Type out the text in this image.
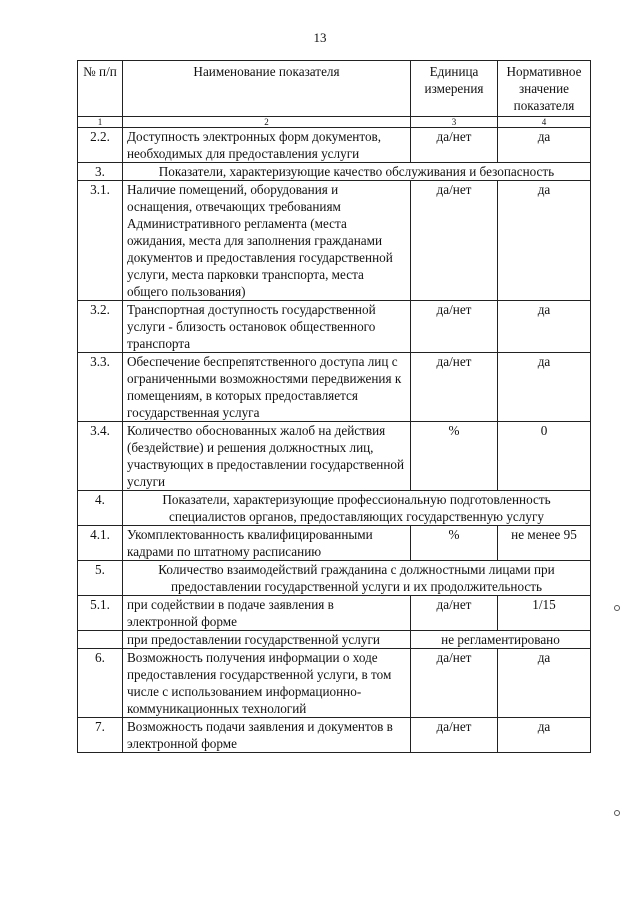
13
№ п/п	Наименование показателя	Единица измерения	Нормативное значение показателя
1	2	3	4
2.2.	Доступность электронных форм документов, необходимых для предоставления услуги	да/нет	да
3.	Показатели, характеризующие качество обслуживания и безопасность		
3.1.	Наличие помещений, оборудования и оснащения, отвечающих требованиям Административного регламента (места ожидания, места для заполнения гражданами документов и предоставления государственной услуги, места парковки транспорта, места общего пользования)	да/нет	да
3.2.	Транспортная доступность государственной услуги - близость остановок общественного транспорта	да/нет	да
3.3.	Обеспечение беспрепятственного доступа лиц с ограниченными возможностями передвижения к помещениям, в которых предоставляется государственная услуга	да/нет	да
3.4.	Количество обоснованных жалоб на действия (бездействие) и решения должностных лиц, участвующих в предоставлении государственной услуги	%	0
4.	Показатели, характеризующие профессиональную подготовленность специалистов органов, предоставляющих государственную услугу		
4.1.	Укомплектованность квалифицированными кадрами по штатному расписанию	%	не менее 95
5.	Количество взаимодействий гражданина с должностными лицами при предоставлении государственной услуги и их продолжительность		
5.1.	при содействии в подаче заявления в электронной форме	да/нет	1/15
	при предоставлении государственной услуги	не регламентировано	
6.	Возможность получения информации о ходе предоставления государственной услуги, в том числе с использованием информационно-коммуникационных технологий	да/нет	да
7.	Возможность подачи заявления и документов в электронной форме	да/нет	да
